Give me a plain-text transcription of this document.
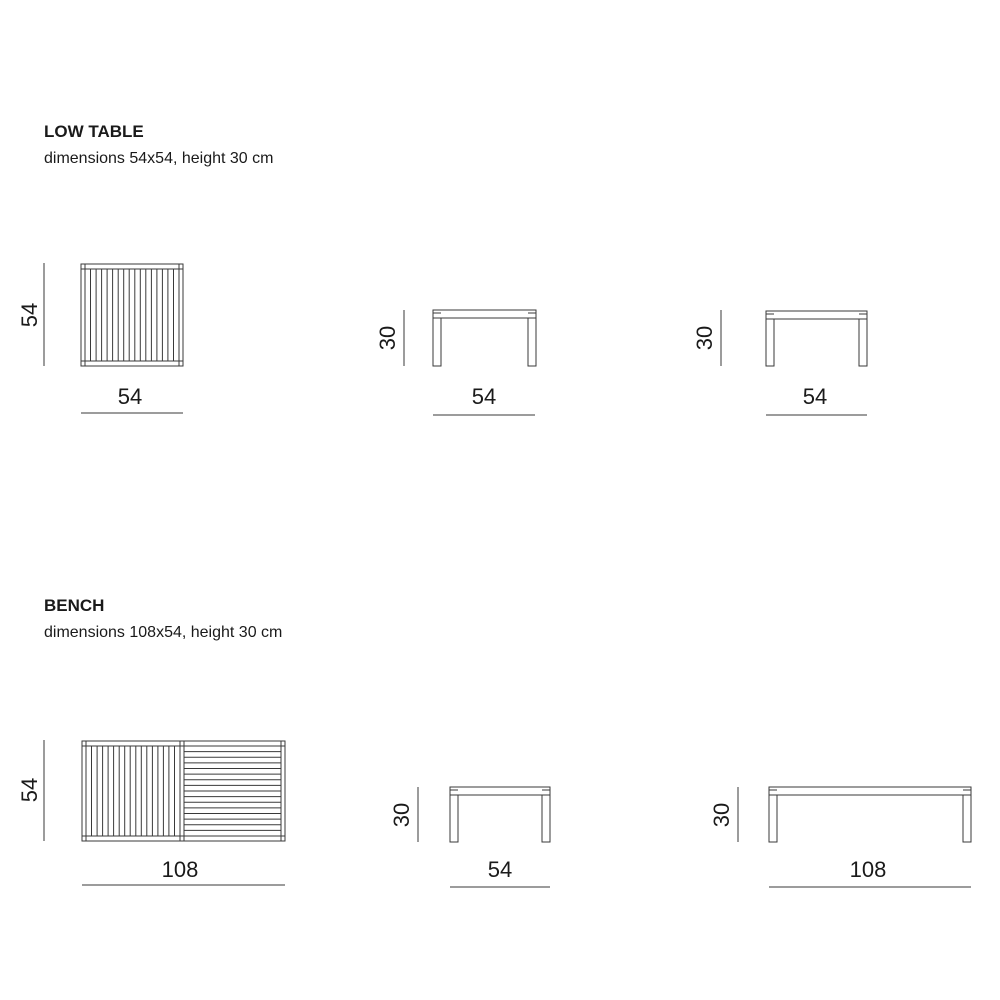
LOW TABLE
dimensions 54x54, height 30 cm
BENCH
dimensions 108x54, height 30 cm
54
54
54
30
54
30
108
54
54
30
108
30
